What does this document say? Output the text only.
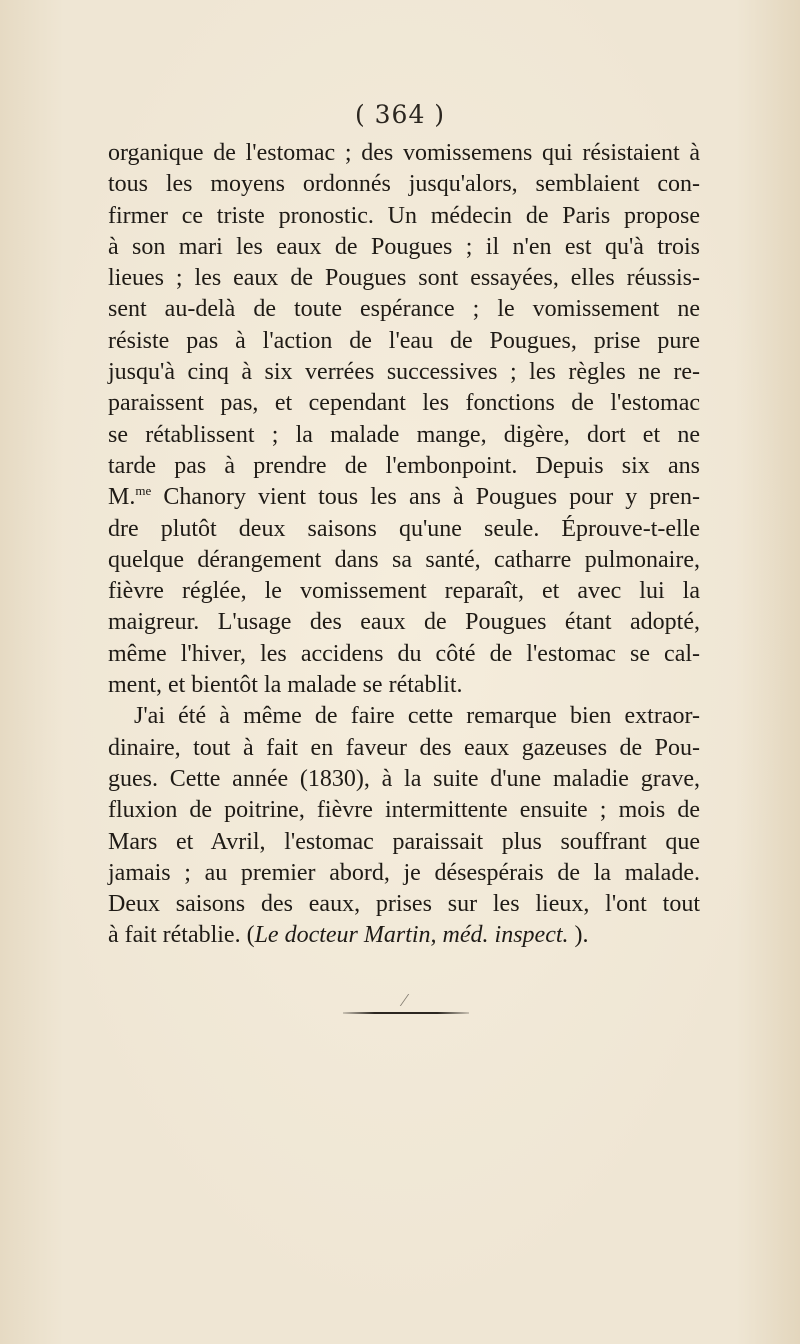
( 364 )
organique de l'estomac ; des vomissemens qui résistaient à
tous les moyens ordonnés jusqu'alors, semblaient con-
firmer ce triste pronostic. Un médecin de Paris propose
à son mari les eaux de Pougues ; il n'en est qu'à trois
lieues ; les eaux de Pougues sont essayées, elles réussis-
sent au-delà de toute espérance ; le vomissement ne
résiste pas à l'action de l'eau de Pougues, prise pure
jusqu'à cinq à six verrées successives ; les règles ne re-
paraissent pas, et cependant les fonctions de l'estomac
se rétablissent ; la malade mange, digère, dort et ne
tarde pas à prendre de l'embonpoint. Depuis six ans
M.$^{me}$ Chanory vient tous les ans à Pougues pour y pren-
dre plutôt deux saisons qu'une seule. Éprouve-t-elle
quelque dérangement dans sa santé, catharre pulmonaire,
fièvre réglée, le vomissement reparaît, et avec lui la
maigreur. L'usage des eaux de Pougues étant adopté,
même l'hiver, les accidens du côté de l'estomac se cal-
ment, et bientôt la malade se rétablit.
J'ai été à même de faire cette remarque bien extraor-
dinaire, tout à fait en faveur des eaux gazeuses de Pou-
gues. Cette année (1830), à la suite d'une maladie grave,
fluxion de poitrine, fièvre intermittente ensuite ; mois de
Mars et Avril, l'estomac paraissait plus souffrant que
jamais ; au premier abord, je désespérais de la malade.
Deux saisons des eaux, prises sur les lieux, l'ont tout
à fait rétablie. (Le docteur Martin, méd. inspect. ).
